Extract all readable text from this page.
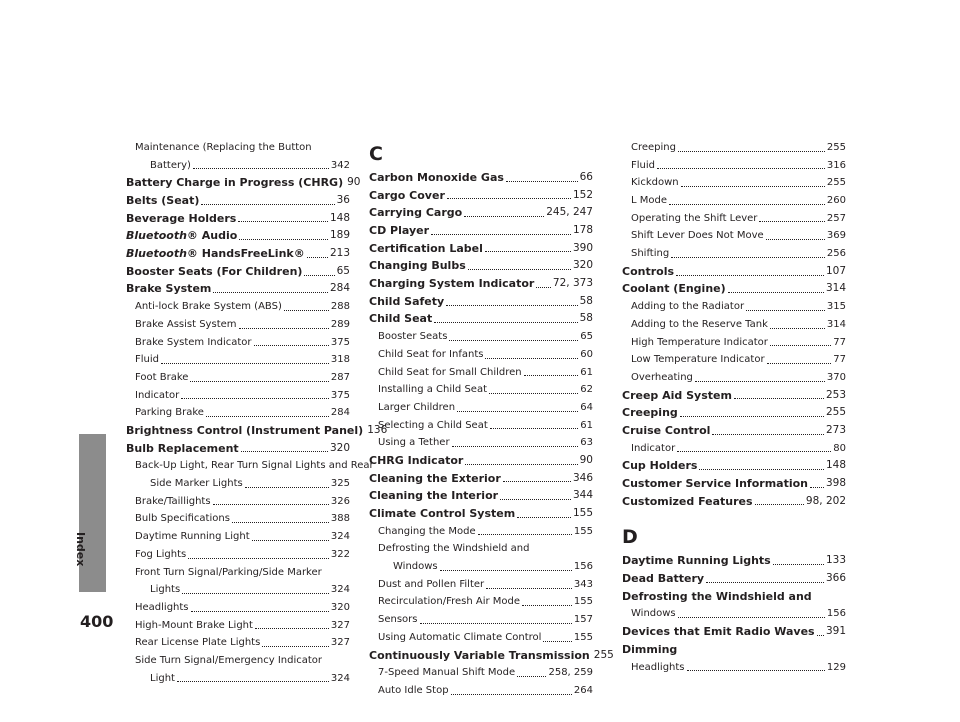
Index
400
Maintenance (Replacing the Button
Battery)	342
Battery Charge in Progress (CHRG) 90
Belts (Seat)	36
Beverage Holders	148
Bluetooth® Audio	189
Bluetooth® HandsFreeLink® 213
Booster Seats (For Children)	65
Brake System	284
Anti-lock Brake System (ABS)	288
Brake Assist System	289
Brake System Indicator	375
Fluid	318
Foot Brake	287
Indicator	375
Parking Brake	284
Brightness Control (Instrument Panel) 136
Bulb Replacement	320
Back-Up Light, Rear Turn Signal Lights and Rear
Side Marker Lights	325
Brake/Taillights	326
Bulb Specifications	388
Daytime Running Light	324
Fog Lights	322
Front Turn Signal/Parking/Side Marker
Lights	324
Headlights	320
High-Mount Brake Light	327
Rear License Plate Lights	327
Side Turn Signal/Emergency Indicator
Light	324
C
Carbon Monoxide Gas	66
Cargo Cover	152
Carrying Cargo	245, 247
CD Player	178
Certification Label	390
Changing Bulbs	320
Charging System Indicator 72, 373
Child Safety	58
Child Seat	58
Booster Seats	65
Child Seat for Infants	60
Child Seat for Small Children	61
Installing a Child Seat	62
Larger Children	64
Selecting a Child Seat	61
Using a Tether	63
CHRG Indicator	90
Cleaning the Exterior	346
Cleaning the Interior	344
Climate Control System	155
Changing the Mode	155
Defrosting the Windshield and
Windows	156
Dust and Pollen Filter	343
Recirculation/Fresh Air Mode	155
Sensors	157
Using Automatic Climate Control	155
Continuously Variable Transmission 255
7-Speed Manual Shift Mode	258, 259
Auto Idle Stop	264
Creeping	255
Fluid	316
Kickdown	255
L Mode	260
Operating the Shift Lever	257
Shift Lever Does Not Move	369
Shifting	256
Controls	107
Coolant (Engine)	314
Adding to the Radiator	315
Adding to the Reserve Tank	314
High Temperature Indicator	77
Low Temperature Indicator	77
Overheating	370
Creep Aid System	253
Creeping	255
Cruise Control	273
Indicator	80
Cup Holders	148
Customer Service Information 398
Customized Features	98, 202
D
Daytime Running Lights	133
Dead Battery	366
Defrosting the Windshield and
Windows	156
Devices that Emit Radio Waves 391
Dimming
Headlights	129
